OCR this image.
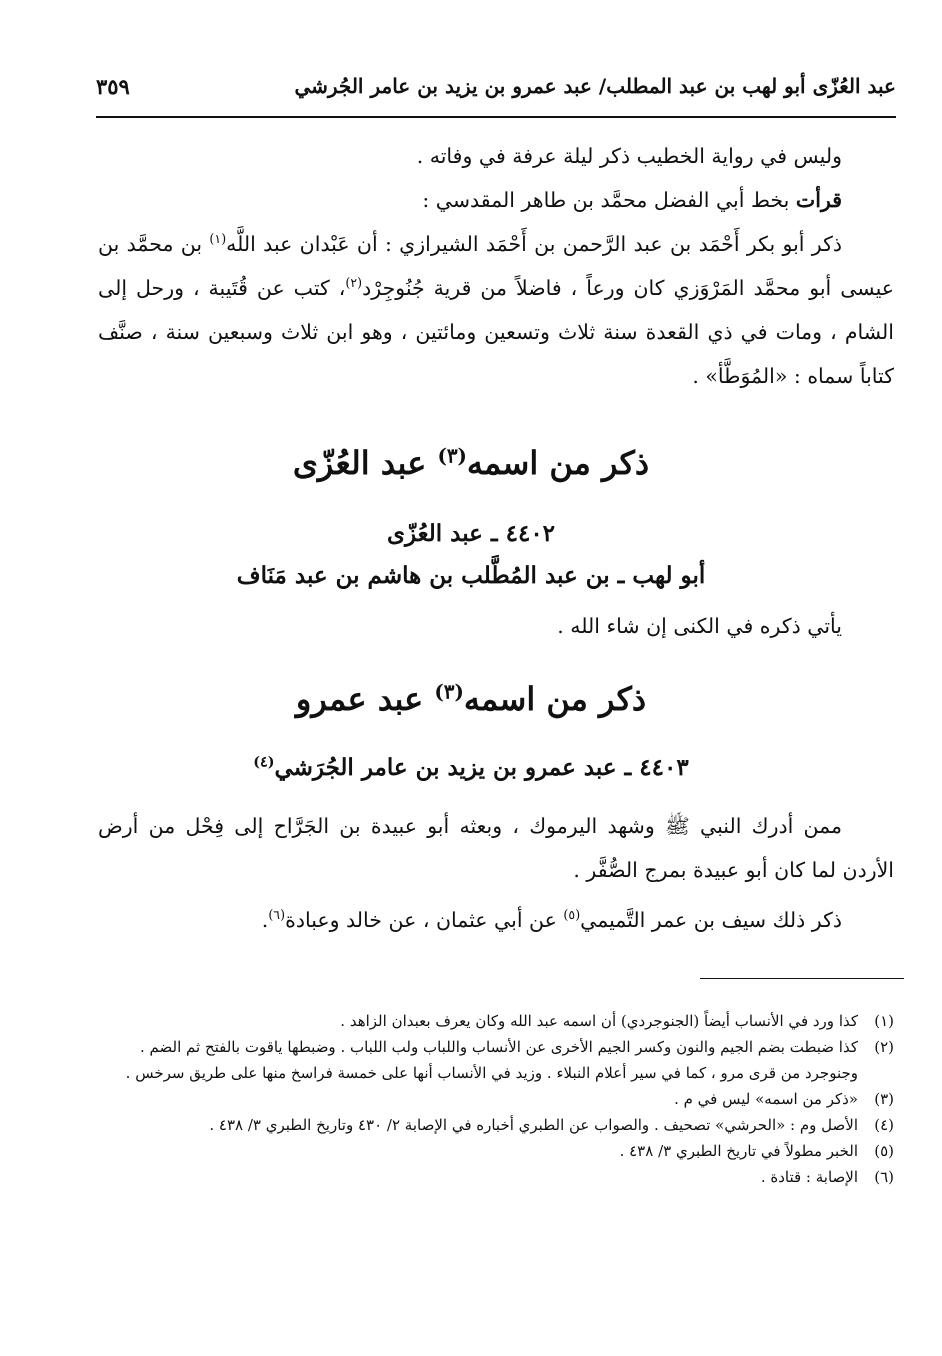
عبد العُزّى أبو لهب بن عبد المطلب/ عبد عمرو بن يزيد بن عامر الجُرشي
٣٥٩

وليس في رواية الخطيب ذكر ليلة عرفة في وفاته .

قرأت بخط أبي الفضل محمَّد بن طاهر المقدسي :

ذكر أبو بكر أَحْمَد بن عبد الرَّحمن بن أَحْمَد الشيرازي : أن عَبْدان عبد اللَّه$^{(١)}$ بن محمَّد بن عيسى أبو محمَّد المَرْوَزي كان ورعاً ، فاضلاً من قرية جُنُوجِرْد$^{(٢)}$، كتب عن قُتَيبة ، ورحل إلى الشام ، ومات في ذي القعدة سنة ثلاث وتسعين ومائتين ، وهو ابن ثلاث وسبعين سنة ، صنَّف كتاباً سماه : «المُوَطَّأ» .

ذكر من اسمه$^{(٣)}$ عبد العُزّى
٤٤٠٢ ـ عبد العُزّى
أبو لهب ـ بن عبد المُطَّلب بن هاشم بن عبد مَنَاف

يأتي ذكره في الكنى إن شاء الله .

ذكر من اسمه$^{(٣)}$ عبد عمرو
٤٤٠٣ ـ عبد عمرو بن يزيد بن عامر الجُرَشي$^{(٤)}$

ممن أدرك النبي ﷺ وشهد اليرموك ، وبعثه أبو عبيدة بن الجَرَّاح إلى فِحْل من أرض الأردن لما كان أبو عبيدة بمرج الصُّفَّر .

ذكر ذلك سيف بن عمر التَّميمي$^{(٥)}$ عن أبي عثمان ، عن خالد وعبادة$^{(٦)}$.

(١)
كذا ورد في الأنساب أيضاً (الجنوجردي) أن اسمه عبد الله وكان يعرف بعبدان الزاهد .
(٢)
كذا ضبطت بضم الجيم والنون وكسر الجيم الأخرى عن الأنساب واللباب ولب اللباب . وضبطها ياقوت بالفتح ثم الضم .
وجنوجرد من قرى مرو ، كما في سير أعلام النبلاء . وزيد في الأنساب أنها على خمسة فراسخ منها على طريق سرخس .
(٣)
«ذكر من اسمه» ليس في م .
(٤)
الأصل وم : «الحرشي» تصحيف . والصواب عن الطبري أخباره في الإصابة ٢/ ٤٣٠ وتاريخ الطبري ٣/ ٤٣٨ .
(٥)
الخبر مطولاً في تاريخ الطبري ٣/ ٤٣٨ .
(٦)
الإصابة : قتادة .
